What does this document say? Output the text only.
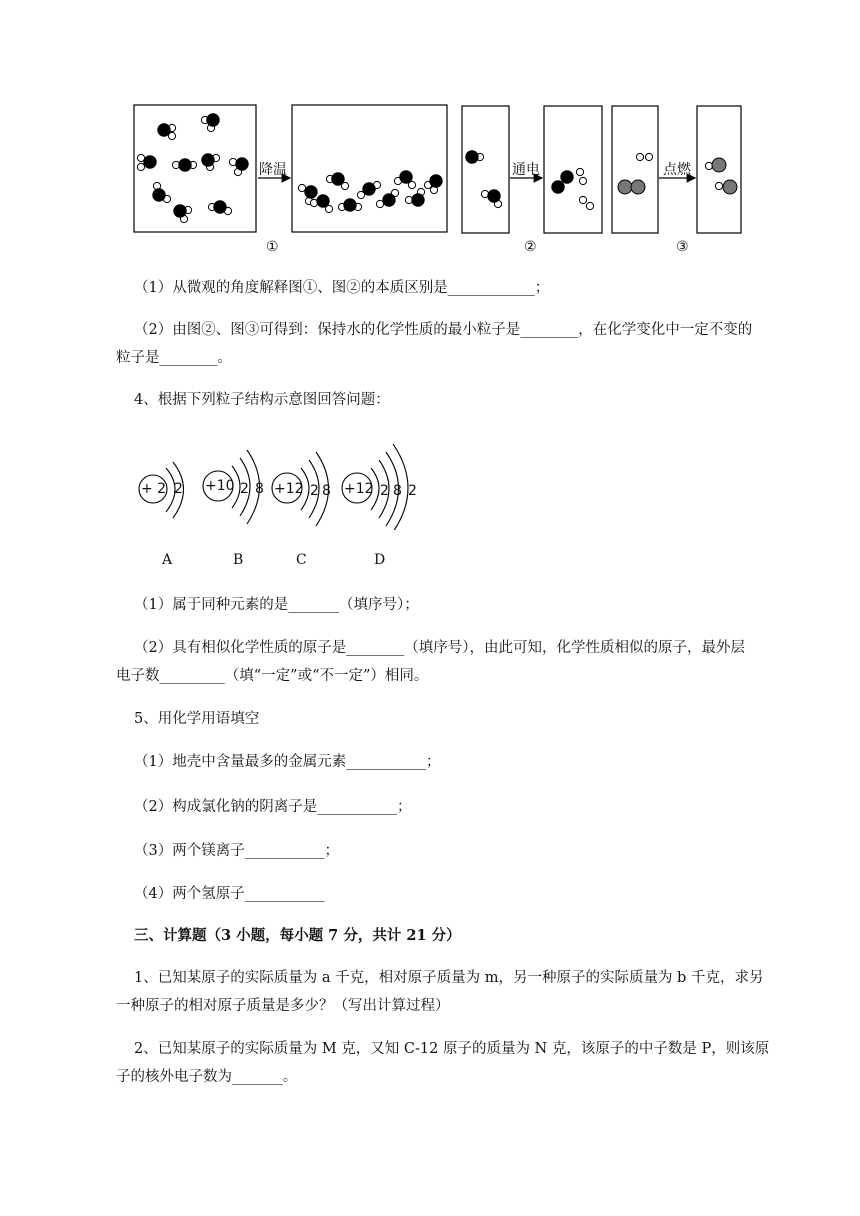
降温	通电	点燃
①	②	③
（1）从微观的角度解释图①、图②的本质区别是____________；
（2）由图②、图③可得到：保持水的化学性质的最小粒子是________，在化学变化中一定不变的
粒子是________。
4、根据下列粒子结构示意图回答问题：
+ 2 2 +10 2 8 +12 2 8 +12 2 8 2
A	B	C	D
（1）属于同种元素的是_______（填序号）；
（2）具有相似化学性质的原子是________（填序号），由此可知，化学性质相似的原子，最外层
电子数_________（填“一定”或“不一定”）相同。
5、用化学用语填空
（1）地壳中含量最多的金属元素___________；
（2）构成氯化钠的阴离子是___________；
（3）两个镁离子___________；
（4）两个氢原子___________
三、计算题（3 小题，每小题 7 分，共计 21 分）
1、已知某原子的实际质量为 a 千克，相对原子质量为 m，另一种原子的实际质量为 b 千克，求另
一种原子的相对原子质量是多少？（写出计算过程）
2、已知某原子的实际质量为 M 克，又知 C-12 原子的质量为 N 克，该原子的中子数是 P，则该原
子的核外电子数为_______。
